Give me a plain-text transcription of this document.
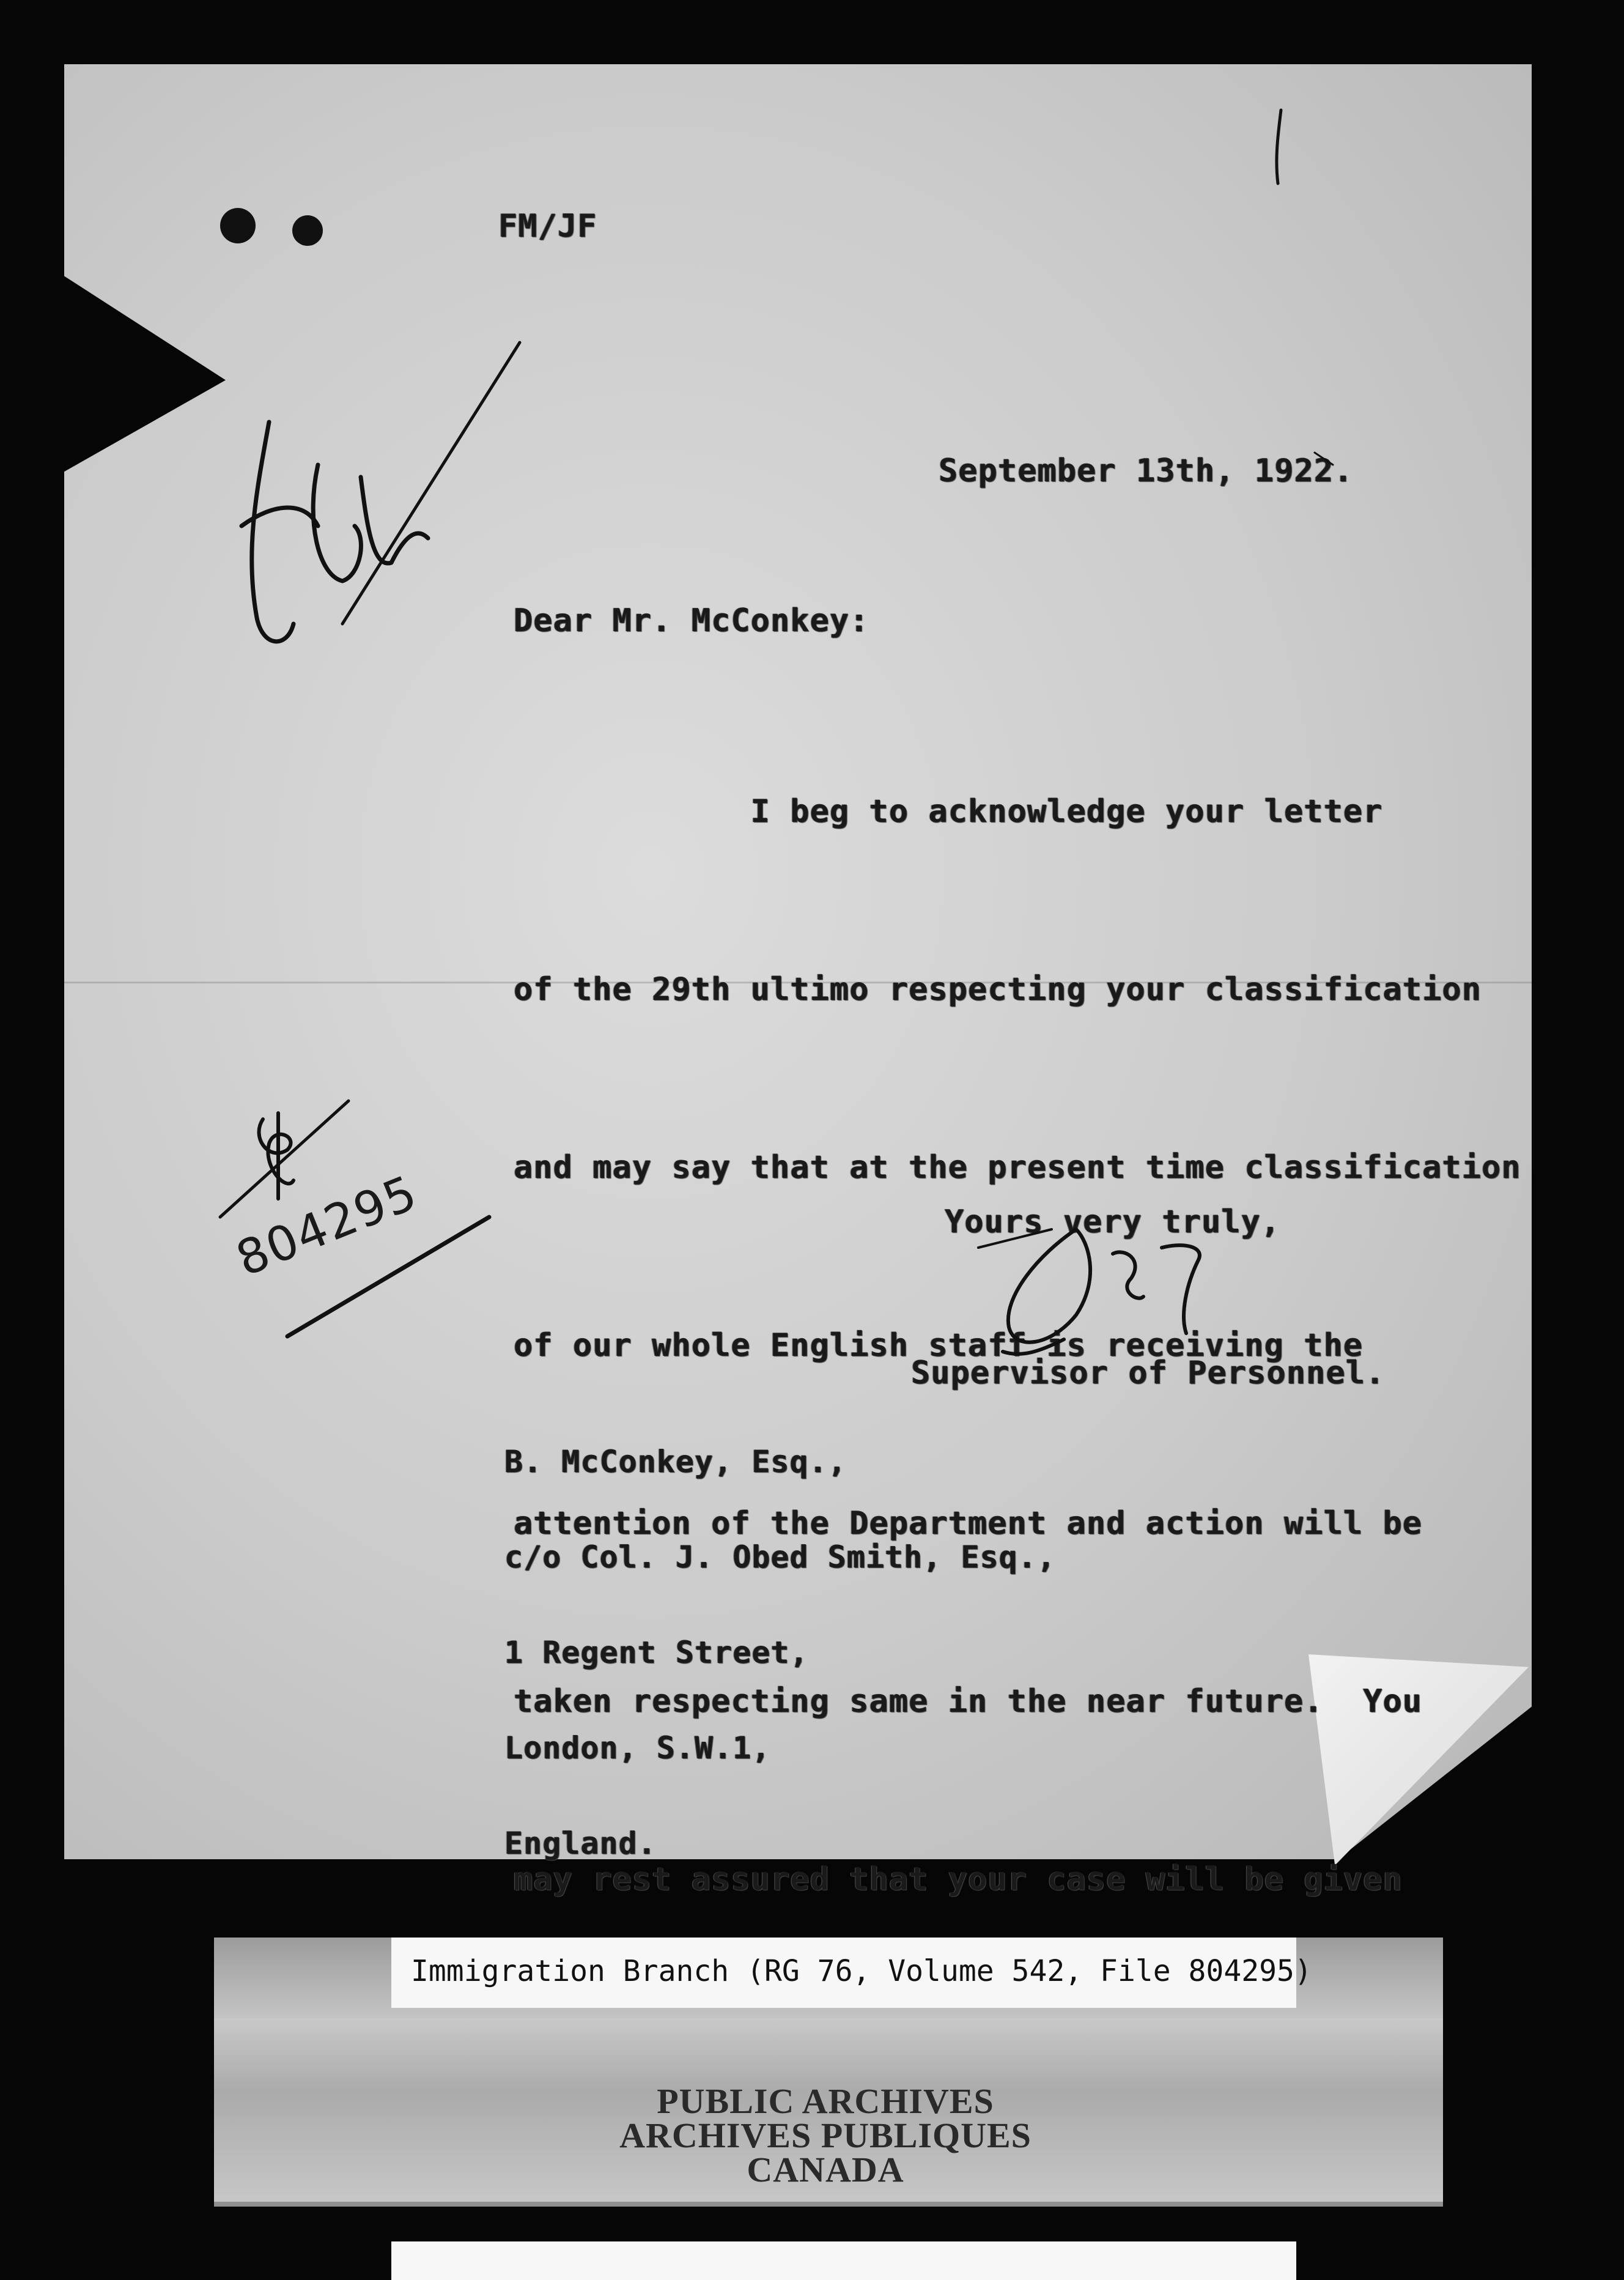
FM/JF
September 13th, 1922.
Dear Mr. McConkey:

I beg to acknowledge your letter

of the 29th ultimo respecting your classification

and may say that at the present time classification

of our whole English staff is receiving the

attention of the Department and action will be

taken respecting same in the near future.  You

may rest assured that your case will be given

Yours very truly,
Supervisor of Personnel.

B. McConkey, Esq.,

c/o Col. J. Obed Smith, Esq.,

1 Regent Street,

London, S.W.1,

England.

804295
Immigration Branch (RG 76, Volume 542, File 804295)
PUBLIC ARCHIVES
ARCHIVES PUBLIQUES
CANADA
